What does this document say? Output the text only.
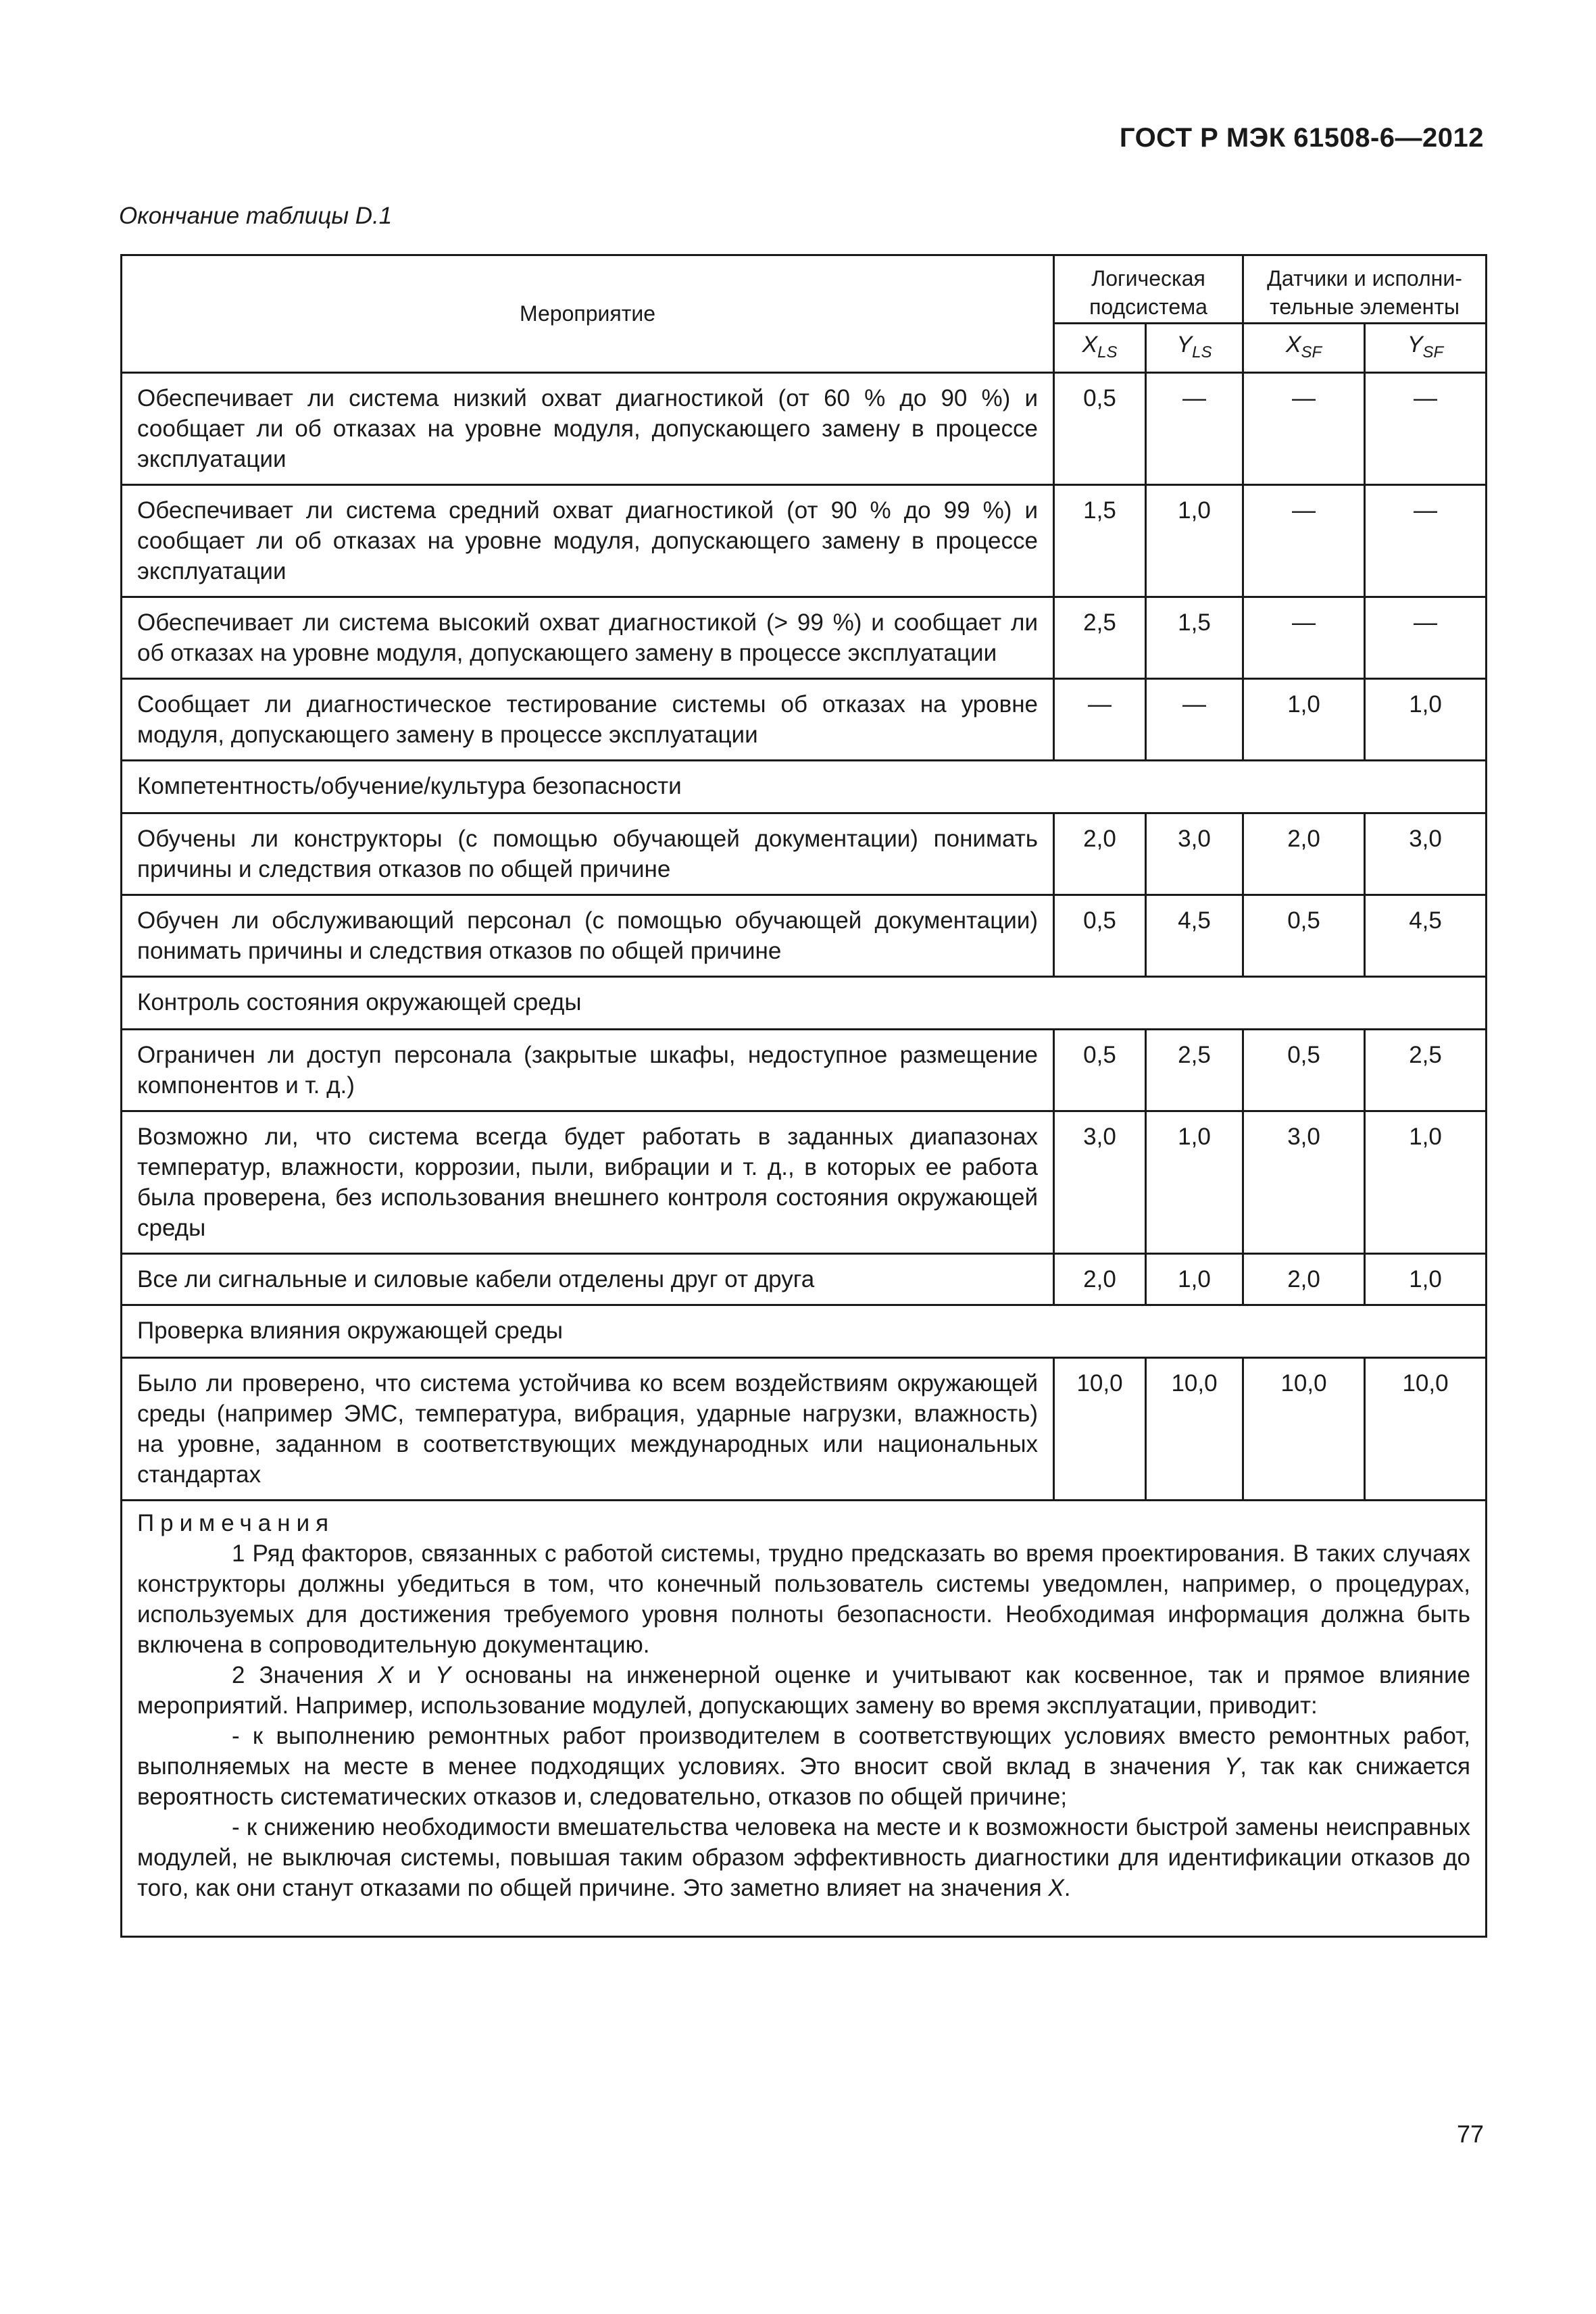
ГОСТ Р МЭК 61508-6—2012
Окончание таблицы D.1
Мероприятие	Логическая подсистема		Датчики и исполни-тельные элементы	
	$X_{LS}$	$Y_{LS}$	$X_{SF}$	$Y_{SF}$
Обеспечивает ли система низкий охват диагностикой (от 60 % до 90 %) и сообщает ли об отказах на уровне модуля, допускающего замену в процессе эксплуатации	0,5	—	—	—
Обеспечивает ли система средний охват диагностикой (от 90 % до 99 %) и сообщает ли об отказах на уровне модуля, допускающего замену в процессе эксплуатации	1,5	1,0	—	—
Обеспечивает ли система высокий охват диагностикой (> 99 %) и сообщает ли об отказах на уровне модуля, допускающего замену в процессе эксплуатации	2,5	1,5	—	—
Сообщает ли диагностическое тестирование системы об отказах на уровне модуля, допускающего замену в процессе эксплуатации	—	—	1,0	1,0
Компетентность/обучение/культура безопасности				
Обучены ли конструкторы (с помощью обучающей документации) понимать причины и следствия отказов по общей причине	2,0	3,0	2,0	3,0
Обучен ли обслуживающий персонал (с помощью обучающей документации) понимать причины и следствия отказов по общей причине	0,5	4,5	0,5	4,5
Контроль состояния окружающей среды				
Ограничен ли доступ персонала (закрытые шкафы, недоступное размещение компонентов и т. д.)	0,5	2,5	0,5	2,5
Возможно ли, что система всегда будет работать в заданных диапазонах температур, влажности, коррозии, пыли, вибрации и т. д., в которых ее работа была проверена, без использования внешнего контроля состояния окружающей среды	3,0	1,0	3,0	1,0
Все ли сигнальные и силовые кабели отделены друг от друга	2,0	1,0	2,0	1,0
Проверка влияния окружающей среды				
Было ли проверено, что система устойчива ко всем воздействиям окружающей среды (например ЭМС, температура, вибрация, ударные нагрузки, влажность) на уровне, заданном в соответствующих международных или национальных стандартах	10,0	10,0	10,0	10,0

Примечания

1 Ряд факторов, связанных с работой системы, трудно предсказать во время проектирования. В таких случаях конструкторы должны убедиться в том, что конечный пользователь системы уведомлен, например, о процедурах, используемых для достижения требуемого уровня полноты безопасности. Необходимая информация должна быть включена в сопроводительную документацию.

2 Значения X и Y основаны на инженерной оценке и учитывают как косвенное, так и прямое влияние мероприятий. Например, использование модулей, допускающих замену во время эксплуатации, приводит:

- к выполнению ремонтных работ производителем в соответствующих условиях вместо ремонтных работ, выполняемых на месте в менее подходящих условиях. Это вносит свой вклад в значения Y, так как снижается вероятность систематических отказов и, следовательно, отказов по общей причине;

- к снижению необходимости вмешательства человека на месте и к возможности быстрой замены неисправных модулей, не выключая системы, повышая таким образом эффективность диагностики для идентификации отказов до того, как они станут отказами по общей причине. Это заметно влияет на значения X.				

77
